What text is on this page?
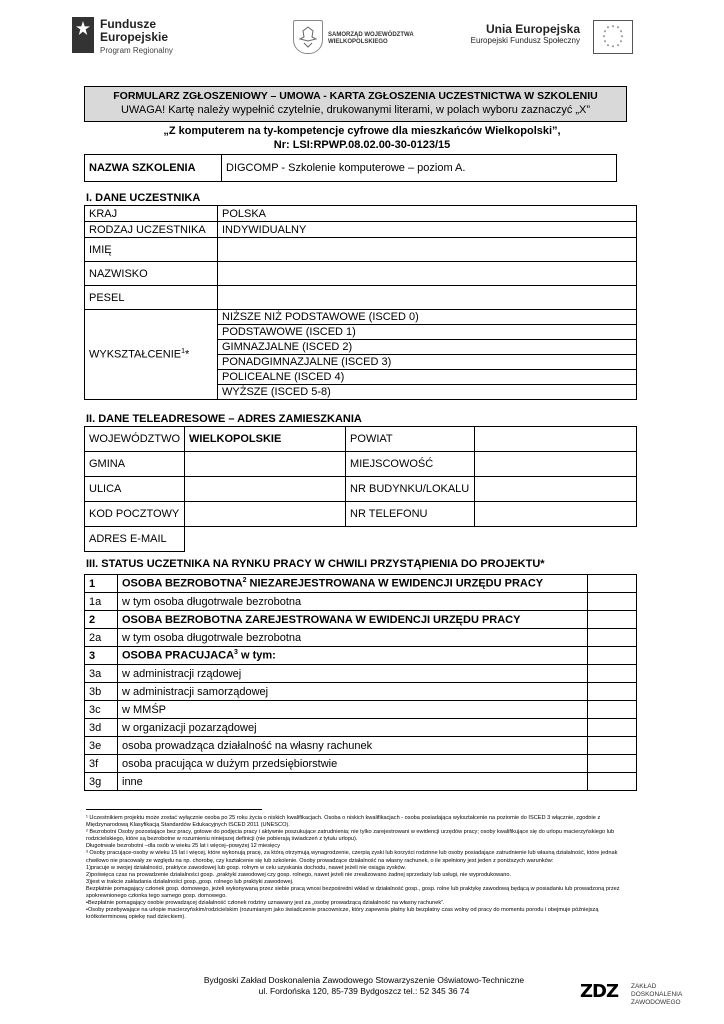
Fundusze
Europejskie
Program Regionalny
SAMORZĄD WOJEWÓDZTWA
WIELKOPOLSKIEGO
Unia Europejska
Europejski Fundusz Społeczny
* *
*
*
*
*
*
*
*
*
*
*
FORMULARZ ZGŁOSZENIOWY – UMOWA - KARTA ZGŁOSZENIA UCZESTNICTWA W SZKOLENIU
UWAGA! Kartę należy wypełnić czytelnie, drukowanymi literami, w polach wyboru zaznaczyć „X”
„Z komputerem na ty-kompetencje cyfrowe dla mieszkańców Wielkopolski”,
Nr: LSI:RPWP.08.02.00-30-0123/15
NAZWA SZKOLENIA	DIGCOMP - Szkolenie komputerowe – poziom A.
I. DANE UCZESTNIKA
KRAJ	POLSKA
RODZAJ UCZESTNIKA	INDYWIDUALNY
IMIĘ	
NAZWISKO	
PESEL	
WYKSZTAŁCENIE$^1$*	NIŻSZE NIŻ PODSTAWOWE (ISCED 0)
	PODSTAWOWE (ISCED 1)
	GIMNAZJALNE (ISCED 2)
	PONADGIMNAZJALNE (ISCED 3)
	POLICEALNE (ISCED 4)
	WYŻSZE (ISCED 5-8)
II. DANE TELEADRESOWE – ADRES ZAMIESZKANIA
WOJEWÓDZTWO	WIELKOPOLSKIE	POWIAT	
GMINA		MIEJSCOWOŚĆ	
ULICA		NR BUDYNKU/LOKALU	
KOD POCZTOWY		NR TELEFONU	
ADRES E-MAIL			
III. STATUS UCZETNIKA NA RYNKU PRACY W CHWILI PRZYSTĄPIENIA DO PROJEKTU*
1	OSOBA BEZROBOTNA$^2$ NIEZAREJESTROWANA W EWIDENCJI URZĘDU PRACY	
1a	w tym osoba długotrwale bezrobotna	
2	OSOBA BEZROBOTNA ZAREJESTROWANA W EWIDENCJI URZĘDU PRACY	
2a	w tym osoba długotrwale bezrobotna	
3	OSOBA PRACUJACA$^3$ w tym:	
3a	w administracji rządowej	
3b	w administracji samorządowej	
3c	w MMŚP	
3d	w organizacji pozarządowej	
3e	osoba prowadząca działalność na własny rachunek	
3f	osoba pracująca w dużym przedsiębiorstwie	
3g	inne	
¹ Uczestnikiem projektu może zostać wyłącznie osoba po 25 roku życia o niskich kwalifikacjach. Osoba o niskich kwalifikacjach - osoba posiadająca wykształcenie na poziomie do ISCED 3 włącznie, zgodnie z Międzynarodową Klasyfikacją Standardów Edukacyjnych ISCED 2011 (UNESCO).
² Bezrobotni Osoby pozostające bez pracy, gotowe do podjęcia pracy i aktywnie poszukujące zatrudnienia; nie tylko zarejestrowani w ewidencji urzędów pracy; osoby kwalifikujące się do urlopu macierzyńskiego lub rodzicielskiego, które są bezrobotne w rozumieniu niniejszej definicji (nie pobierają świadczeń z tytułu urlopu).
Długotrwale bezrobotni –dla osób w wieku 25 lat i więcej–powyżej 12 miesięcy
³ Osoby pracujące-osoby w wieku 15 lat i więcej, które wykonują pracę, za którą otrzymują wynagrodzenie, czerpią zyski lub korzyści rodzinne lub osoby posiadające zatrudnienie lub własną działalność, które jednak chwilowo nie pracowały ze względu na np. chorobę, czy kształcenie się lub szkolenie. Osoby prowadzące działalność na własny rachunek, o ile spełniony jest jeden z poniższych warunków:
1)pracuje w swojej działalności, praktyce zawodowej lub gosp. rolnym w celu uzyskania dochodu, nawet jeżeli nie osiąga zysków.
2)poświęca czas na prowadzenie działalności gosp. ,praktyki zawodowej czy gosp. rolnego, nawet jeżeli nie zrealizowano żadnej sprzedaży lub usługi, nie wyprodukowano.
3)jest w trakcie zakładania działalności gosp.,gosp. rolnego lub praktyki zawodowej.
Bezpłatnie pomagający członek gosp. domowego, jeżeli wykonywaną przez siebie pracą wnosi bezpośredni wkład w działalność gosp., gosp. rolne lub praktykę zawodową będącą w posiadaniu lub prowadzoną przez spokrewnionego członka tego samego gosp. domowego.
•Bezpłatnie pomagający osobie prowadzącej działalność członek rodziny uznawany jest za „osobę prowadzącą działalność na własny rachunek”.
•Osoby przebywające na urlopie macierzyńskim/rodzicielskim (rozumianym jako świadczenie pracownicze, który zapewnia płatny lub bezpłatny czas wolny od pracy do momentu porodu i obejmuje późniejszą krótkoterminową opiekę nad dzieckiem).
Bydgoski Zakład Doskonalenia Zawodowego Stowarzyszenie Oświatowo-Techniczne
ul. Fordońska 120, 85-739 Bydgoszcz tel.: 52 345 36 74	ZDZ ZAKŁAD
DOSKONALENIA
ZAWODOWEGO
